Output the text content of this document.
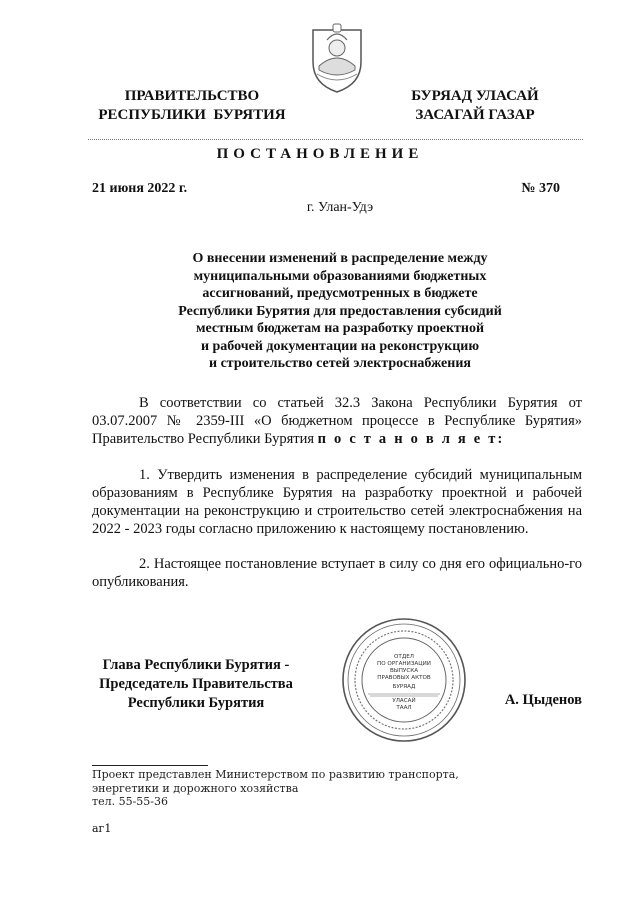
ПРАВИТЕЛЬСТВО
РЕСПУБЛИКИ  БУРЯТИЯ
БУРЯАД УЛАСАЙ
ЗАСАГАЙ ГАЗАР
ПОСТАНОВЛЕНИЕ
21 июня 2022 г.	№ 370
г. Улан-Удэ
О внесении изменений в распределение между
муниципальными образованиями бюджетных
ассигнований, предусмотренных в бюджете
Республики Бурятия для предоставления субсидий
местным бюджетам на разработку проектной
и рабочей документации на реконструкцию
и строительство сетей электроснабжения
В соответствии со статьей 32.3 Закона Республики Бурятия от 03.07.2007 № 2359-III «О бюджетном процессе в Республике Бурятия» Правительство Республики Бурятия п о с т а н о в л я е т:
1. Утвердить изменения в распределение субсидий муниципальным образованиям в Республике Бурятия на разработку проектной и рабочей документации на реконструкцию и строительство сетей электроснабжения на 2022 - 2023 годы согласно приложению к настоящему постановлению.
2. Настоящее постановление вступает в силу со дня его официально-го опубликования.
Глава Республики Бурятия -
Председатель Правительства
Республики Бурятия
ОТДЕЛ
ПО ОРГАНИЗАЦИИ
ВЫПУСКА
ПРАВОВЫХ АКТОВ
БУРЯАД
УЛАСАЙ
ТААЛ	А. Цыденов
Проект представлен Министерством по развитию транспорта,
энергетики и дорожного хозяйства
тел. 55-55-36
аг1
